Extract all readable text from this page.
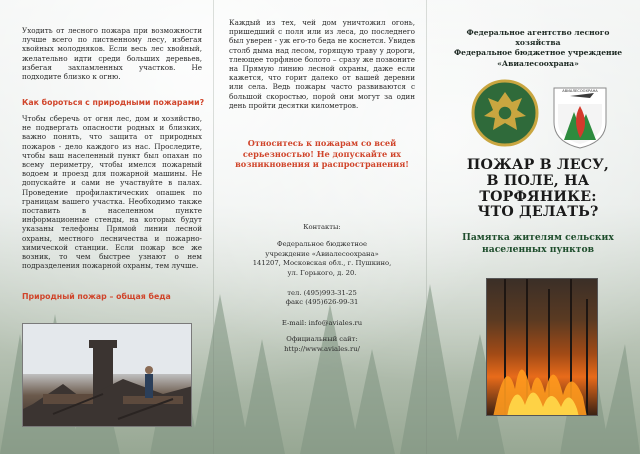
Уходить от лесного пожара при возможности лучше всего по лиственному лесу, избегая хвойных молодняков. Если весь лес хвойный, желательно идти среди больших деревьев, избегая захламленных участков. Не подходите близко к огню.
Как бороться с природными пожарами?
Чтобы сберечь от огня лес, дом и хозяйство, не подвергать опасности родных и близких, важно понять, что защита от природных пожаров - дело каждого из нас. Проследите, чтобы ваш населенный пункт был опахан по всему периметру, чтобы имелся пожарный водоем и проезд для пожарной машины. Не допускайте и сами не участвуйте в палах. Проведение профилактических опашек по границам вашего участка. Необходимо также поставить в населенном пункте информационные стенды, на которых будут указаны телефоны Прямой линии лесной охраны, местного лесничества и пожарно-химической станции. Если пожар все же возник, то чем быстрее узнают о нем подразделения пожарной охраны, тем лучше.
Природный пожар – общая беда
Каждый из тех, чей дом уничтожил огонь, пришедший с поля или из леса, до последнего был уверен - уж его-то беда не коснется. Увидев столб дыма над лесом, горящую траву у дороги, тлеющее торфяное болото – сразу же позвоните на Прямую линию лесной охраны, даже если кажется, что горит далеко от вашей деревни или села. Ведь пожары часто развиваются с большой скоростью, порой они могут за один день пройти десятки километров.
Отноcитесь к пожарам со всей серьезностью! Не допускайте их возникновения и распространения!
Контакты:
Федеральное бюджетное учреждение «Авиалесоохрана»
141207, Московская обл., г. Пушкино, ул. Горького, д. 20.
тел. (495)993-31-25
факс (495)626-99-31
E-mail: info@aviales.ru
Официальный сайт:
http://www.aviales.ru/
Федеральное агентство лесного хозяйства
Федеральное бюджетное учреждение «Авиалесоохрана»
АВИАЛЕСООХРАНА
ПОЖАР В ЛЕСУ,
В ПОЛЕ, НА
ТОРФЯНИКЕ:
ЧТО ДЕЛАТЬ?
Памятка жителям сельских
населенных пунктов
